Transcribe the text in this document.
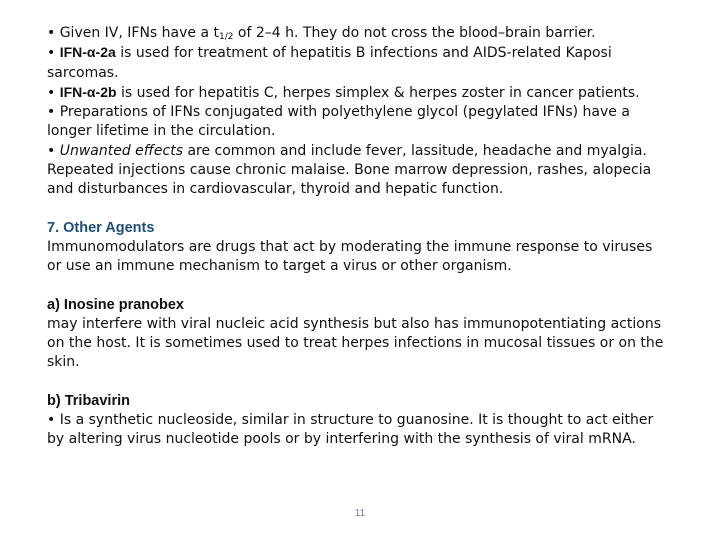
• Given IV, IFNs have a $t_{1/2}$ of 2–4 h. They do not cross the blood–brain barrier.

• IFN-α-2a is used for treatment of hepatitis B infections and AIDS-related Kaposi sarcomas.

• IFN-α-2b is used for hepatitis C, herpes simplex & herpes zoster in cancer patients.

• Preparations of IFNs conjugated with polyethylene glycol (pegylated IFNs) have a longer lifetime in the circulation.

• Unwanted effects are common and include fever, lassitude, headache and myalgia. Repeated injections cause chronic malaise. Bone marrow depression, rashes, alopecia and disturbances in cardiovascular, thyroid and hepatic function.

7. Other Agents

Immunomodulators are drugs that act by moderating the immune response to viruses or use an immune mechanism to target a virus or other organism.

a) Inosine pranobex

may interfere with viral nucleic acid synthesis but also has immunopotentiating actions on the host. It is sometimes used to treat herpes infections in mucosal tissues or on the skin.

b) Tribavirin

• Is a synthetic nucleoside, similar in structure to guanosine. It is thought to act either by altering virus nucleotide pools or by interfering with the synthesis of viral mRNA.

11
